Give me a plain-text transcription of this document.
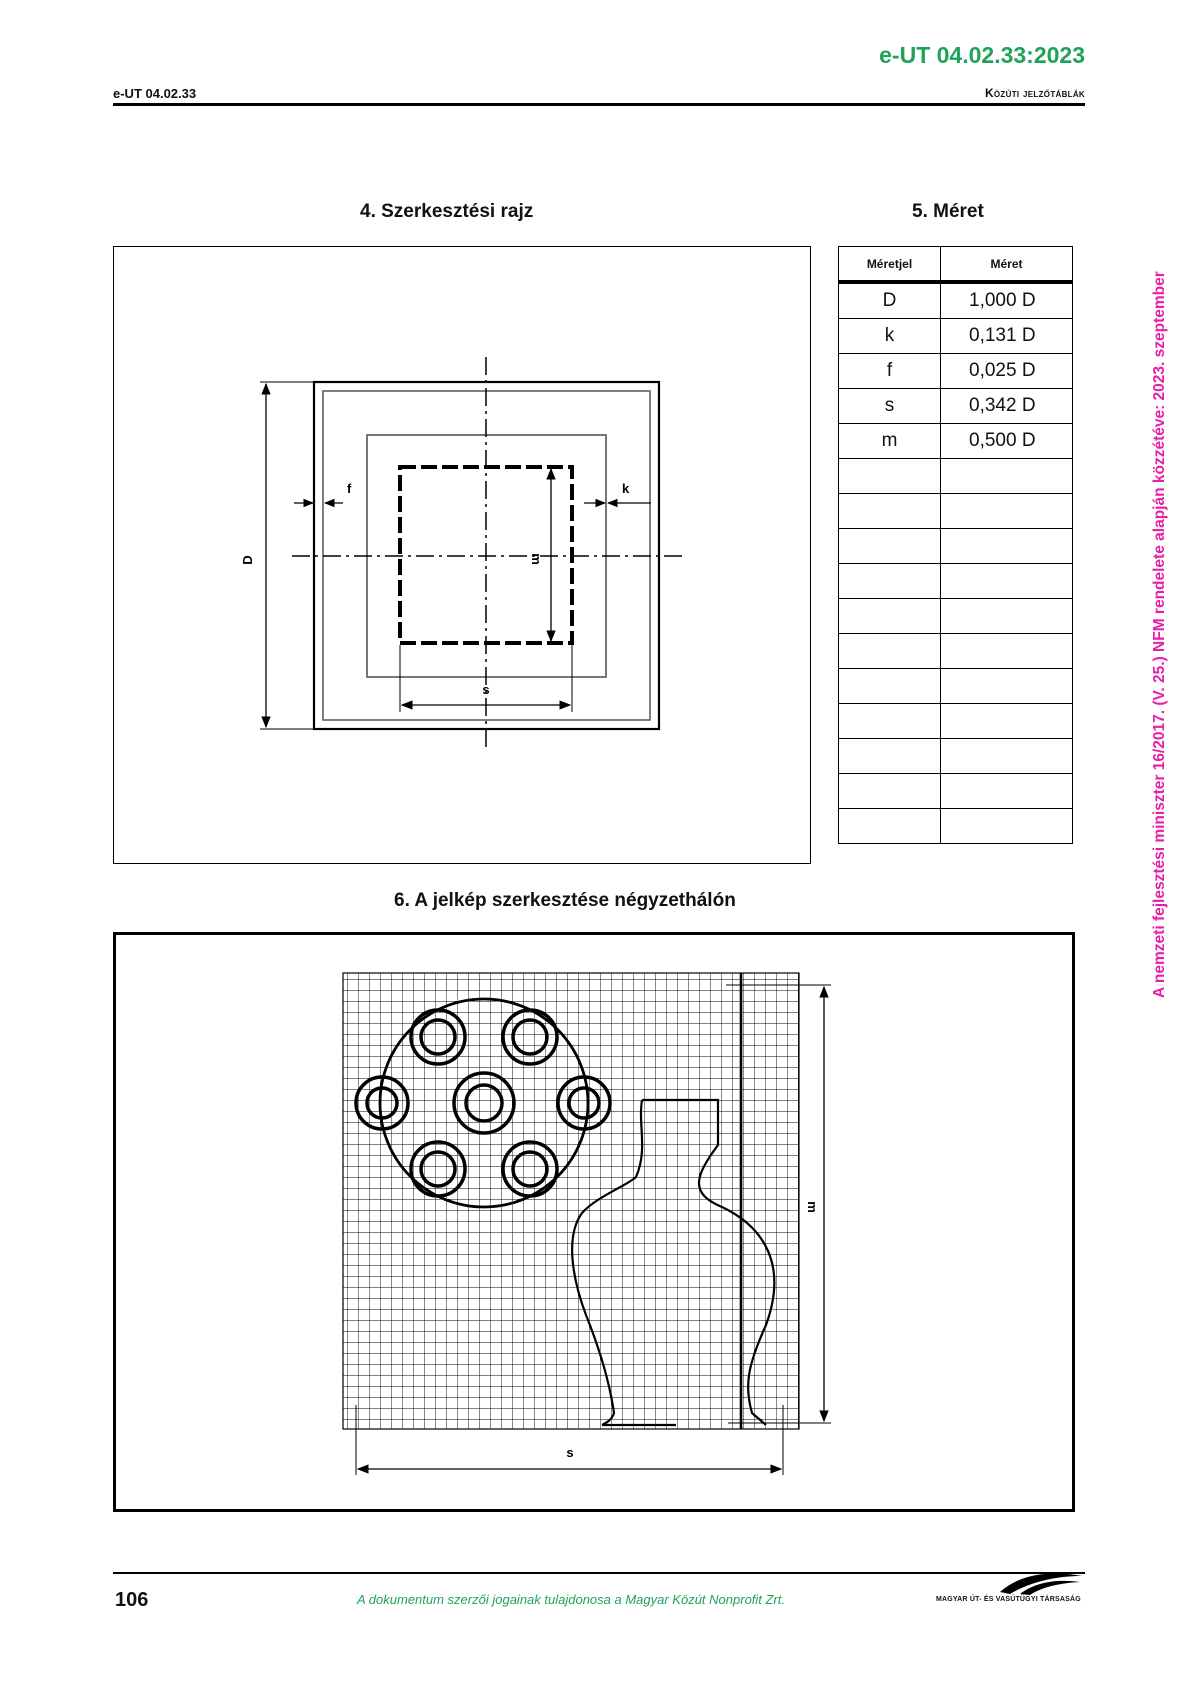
e-UT 04.02.33:2023
e-UT 04.02.33	Közúti jelzőtáblák
A nemzeti fejlesztési miniszter 16/2017. (V. 25.) NFM rendelete alapján közzétéve: 2023. szeptember
4. Szerkesztési rajz
D
f	k
m
s
5. Méret
Méretjel	Méret
D	1,000 D
k	0,131 D
f	0,025 D
s	0,342 D
m	0,500 D

6. A jelkép szerkesztése négyzethálón
m
s
106	A dokumentum szerzői jogainak tulajdonosa a Magyar Közút Nonprofit Zrt.	MAGYAR ÚT- ÉS VASÚTÜGYI TÁRSASÁG
